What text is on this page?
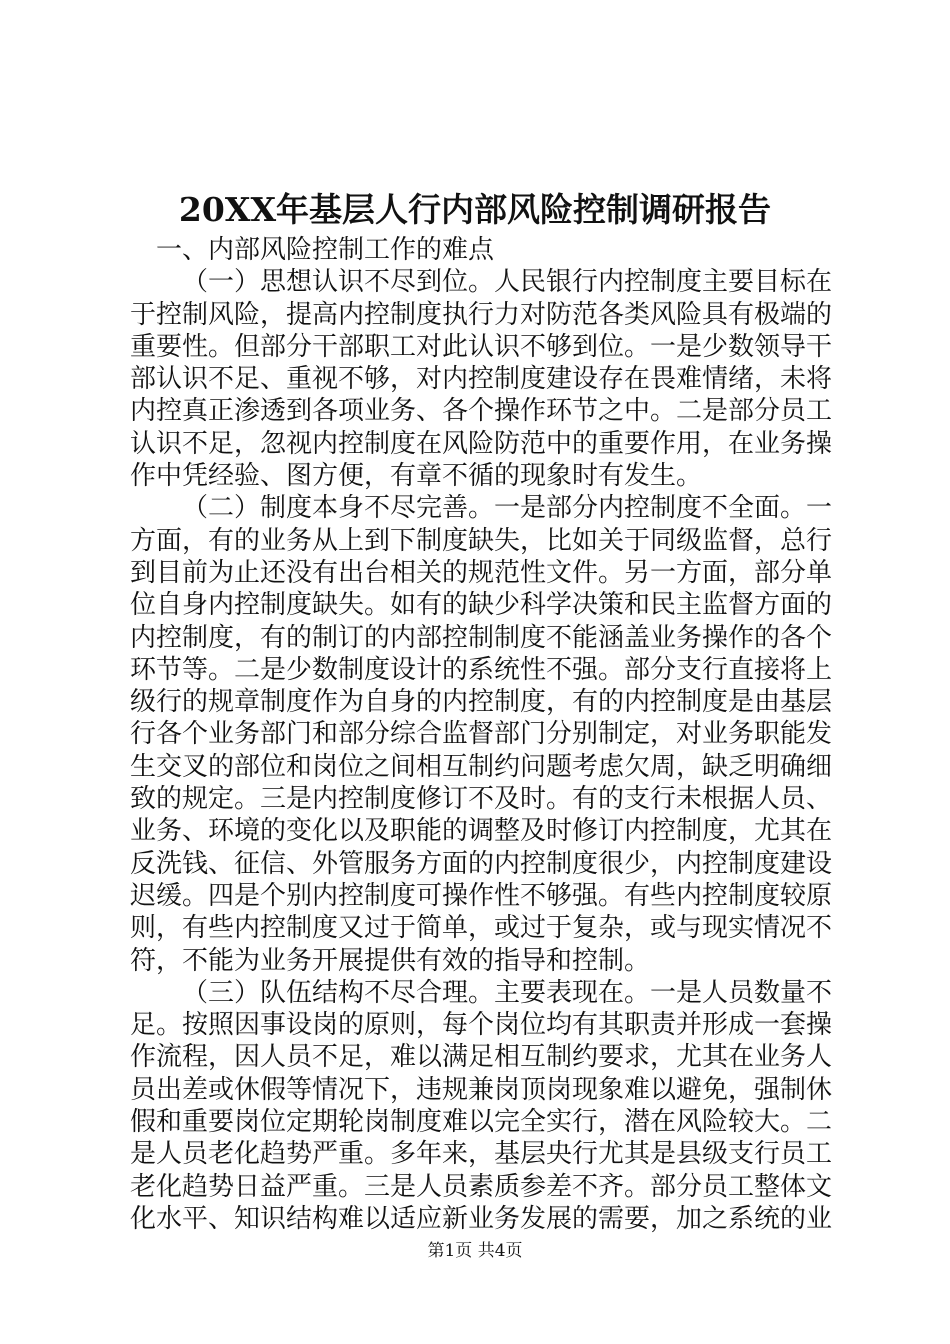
20XX年基层人行内部风险控制调研报告

一、内部风险控制工作的难点

（一）思想认识不尽到位。人民银行内控制度主要目标在于控制风险，提高内控制度执行力对防范各类风险具有极端的重要性。但部分干部职工对此认识不够到位。一是少数领导干部认识不足、重视不够，对内控制度建设存在畏难情绪，未将内控真正渗透到各项业务、各个操作环节之中。二是部分员工认识不足，忽视内控制度在风险防范中的重要作用，在业务操作中凭经验、图方便，有章不循的现象时有发生。

（二）制度本身不尽完善。一是部分内控制度不全面。一方面，有的业务从上到下制度缺失，比如关于同级监督，总行到目前为止还没有出台相关的规范性文件。另一方面，部分单位自身内控制度缺失。如有的缺少科学决策和民主监督方面的内控制度，有的制订的内部控制制度不能涵盖业务操作的各个环节等。二是少数制度设计的系统性不强。部分支行直接将上级行的规章制度作为自身的内控制度，有的内控制度是由基层行各个业务部门和部分综合监督部门分别制定，对业务职能发生交叉的部位和岗位之间相互制约问题考虑欠周，缺乏明确细致的规定。三是内控制度修订不及时。有的支行未根据人员、业务、环境的变化以及职能的调整及时修订内控制度，尤其在反洗钱、征信、外管服务方面的内控制度很少，内控制度建设迟缓。四是个别内控制度可操作性不够强。有些内控制度较原则，有些内控制度又过于简单，或过于复杂，或与现实情况不符，不能为业务开展提供有效的指导和控制。

（三）队伍结构不尽合理。主要表现在。一是人员数量不足。按照因事设岗的原则，每个岗位均有其职责并形成一套操作流程，因人员不足，难以满足相互制约要求，尤其在业务人员出差或休假等情况下，违规兼岗顶岗现象难以避免，强制休假和重要岗位定期轮岗制度难以完全实行，潜在风险较大。二是人员老化趋势严重。多年来，基层央行尤其是县级支行员工老化趋势日益严重。三是人员素质参差不齐。部分员工整体文化水平、知识结构难以适应新业务发展的需要，加之系统的业

第1页 共4页
